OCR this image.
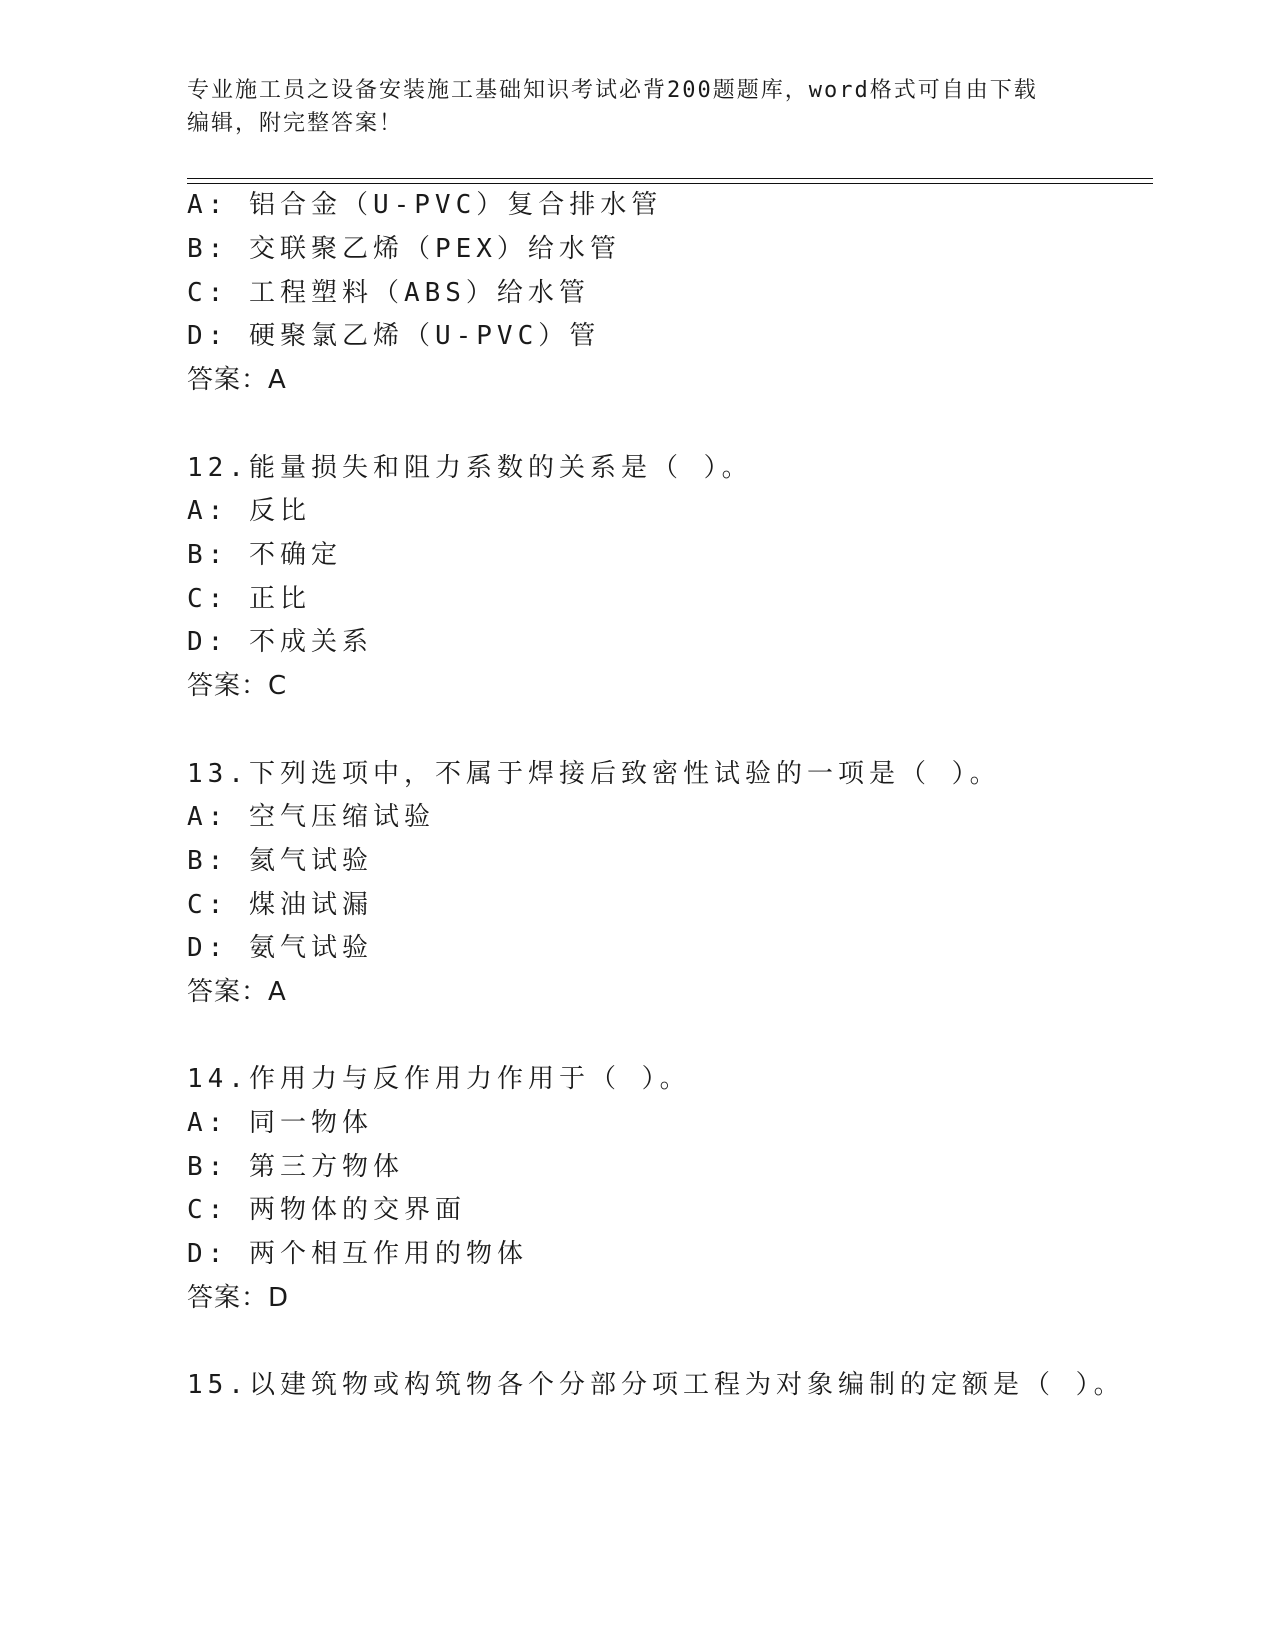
专业施工员之设备安装施工基础知识考试必背200题题库，word格式可自由下载
编辑，附完整答案！
A: 铝合金（U-PVC）复合排水管
B: 交联聚乙烯（PEX）给水管
C: 工程塑料（ABS）给水管
D: 硬聚氯乙烯（U-PVC）管
答案：A
12.能量损失和阻力系数的关系是（ ）。
A: 反比
B: 不确定
C: 正比
D: 不成关系
答案：C
13.下列选项中，不属于焊接后致密性试验的一项是（ ）。
A: 空气压缩试验
B: 氦气试验
C: 煤油试漏
D: 氨气试验
答案：A
14.作用力与反作用力作用于（ ）。
A: 同一物体
B: 第三方物体
C: 两物体的交界面
D: 两个相互作用的物体
答案：D
15.以建筑物或构筑物各个分部分项工程为对象编制的定额是（ ）。
